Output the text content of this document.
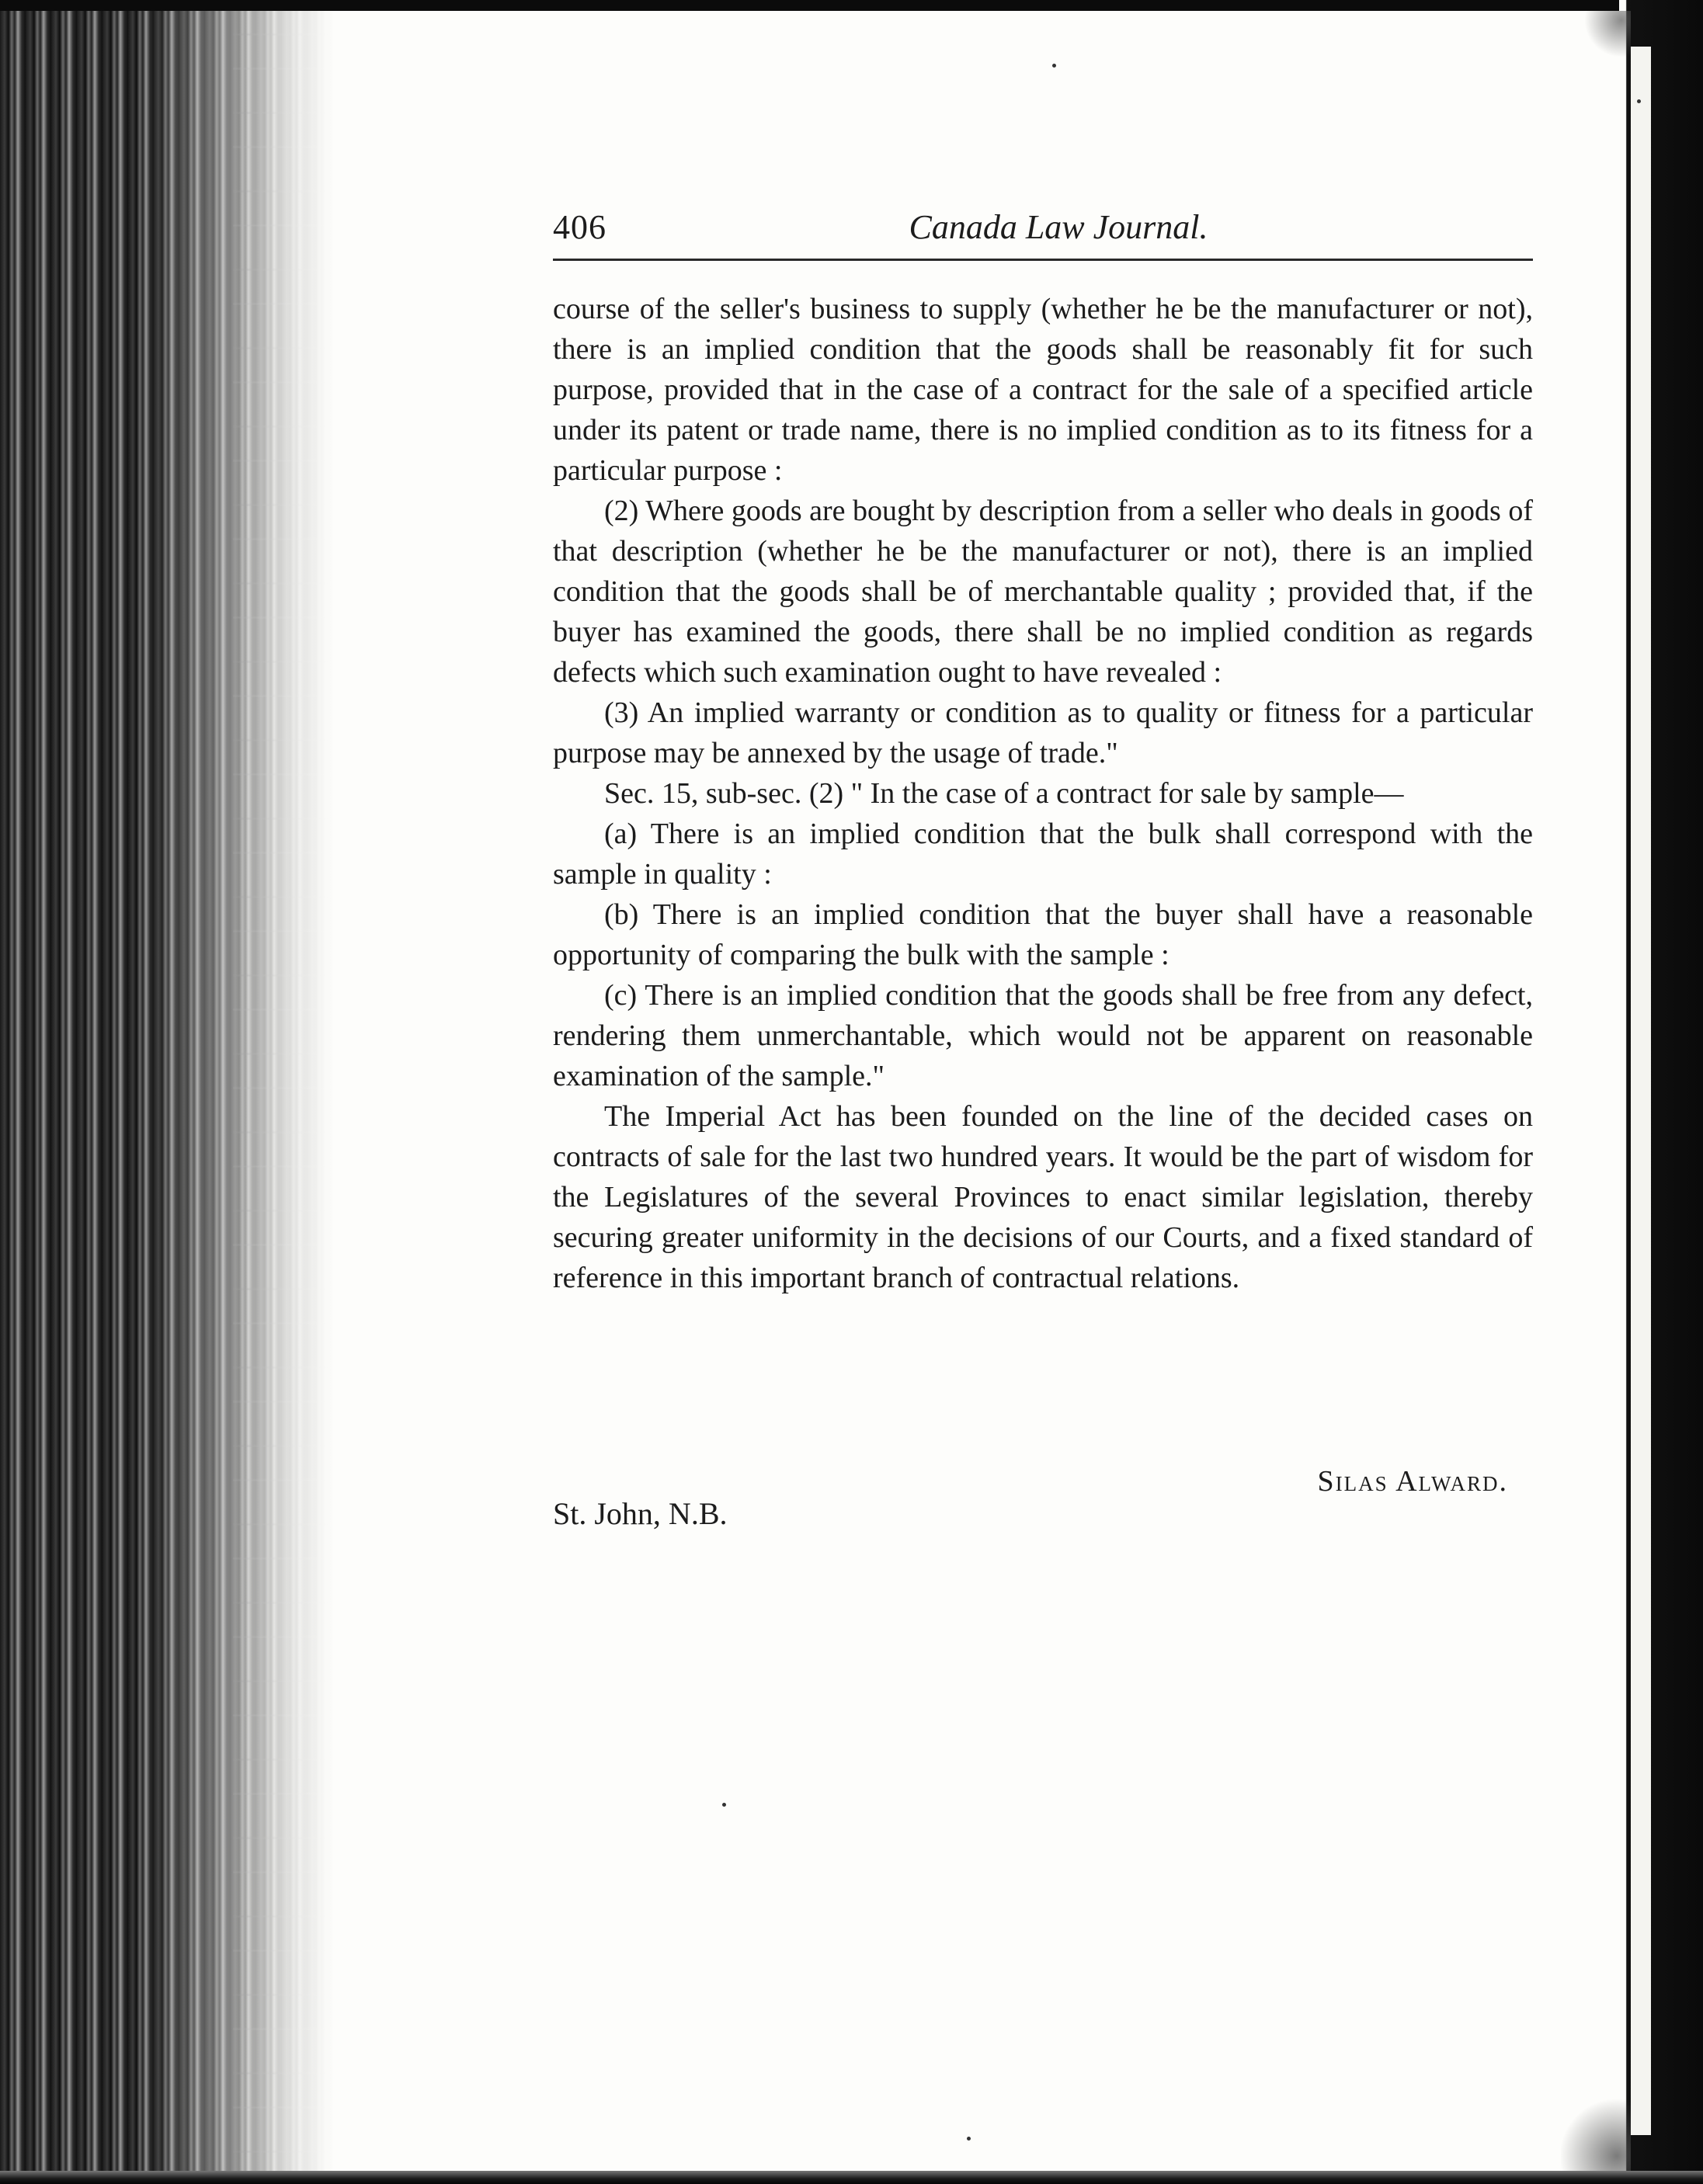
406	Canada Law Journal.

course of the seller's business to supply (whether he be the manufacturer or not), there is an implied condition that the goods shall be reasonably fit for such purpose, provided that in the case of a contract for the sale of a specified article under its patent or trade name, there is no implied condition as to its fitness for a particular purpose :

(2) Where goods are bought by description from a seller who deals in goods of that description (whether he be the manufacturer or not), there is an implied condition that the goods shall be of merchantable quality ; provided that, if the buyer has examined the goods, there shall be no implied condition as regards defects which such examination ought to have revealed :

(3) An implied warranty or condition as to quality or fitness for a particular purpose may be annexed by the usage of trade."

Sec. 15, sub-sec. (2) " In the case of a contract for sale by sample—

(a) There is an implied condition that the bulk shall correspond with the sample in quality :

(b) There is an implied condition that the buyer shall have a reasonable opportunity of comparing the bulk with the sample :

(c) There is an implied condition that the goods shall be free from any defect, rendering them unmerchantable, which would not be apparent on reasonable examination of the sample."

The Imperial Act has been founded on the line of the decided cases on contracts of sale for the last two hundred years. It would be the part of wisdom for the Legislatures of the several Provinces to enact similar legislation, thereby securing greater uniformity in the decisions of our Courts, and a fixed standard of reference in this important branch of contractual relations.

Silas Alward.
St. John, N.B.
